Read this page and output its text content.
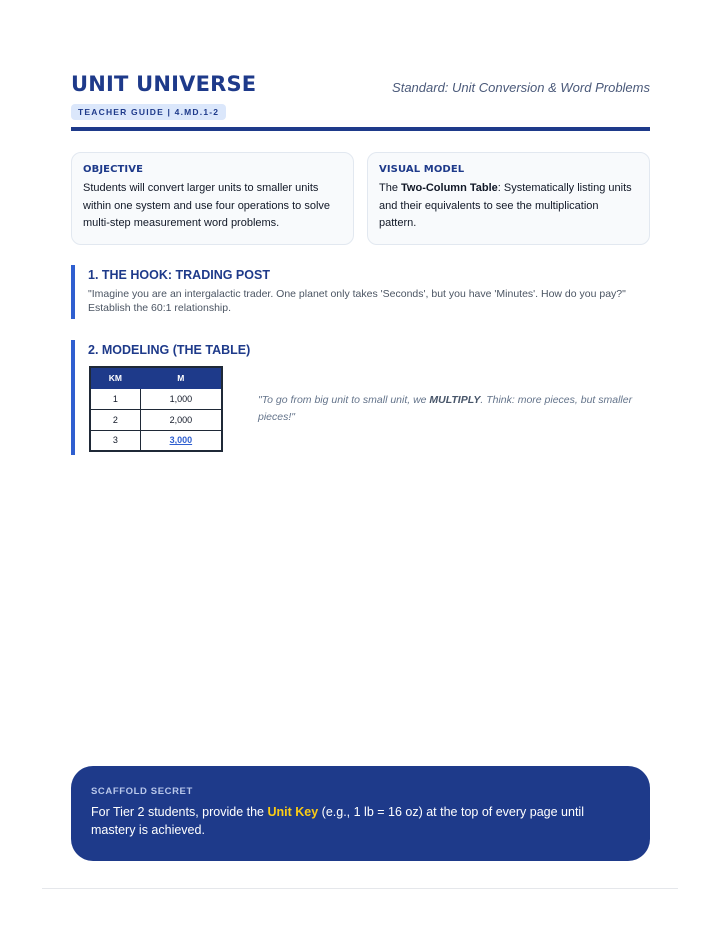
UNIT UNIVERSE	Standard: Unit Conversion & Word Problems
TEACHER GUIDE | 4.MD.1-2
OBJECTIVE
Students will convert larger units to smaller units within one system and use four operations to solve multi-step measurement word problems.
VISUAL MODEL
The Two-Column Table: Systematically listing units and their equivalents to see the multiplication pattern.
1. THE HOOK: TRADING POST
"Imagine you are an intergalactic trader. One planet only takes 'Seconds', but you have 'Minutes'. How do you pay?" Establish the 60:1 relationship.
2. MODELING (THE TABLE)
KM	M
1	1,000
2	2,000
3	3,000
"To go from big unit to small unit, we MULTIPLY. Think: more pieces, but smaller pieces!"
SCAFFOLD SECRET
For Tier 2 students, provide the Unit Key (e.g., 1 lb = 16 oz) at the top of every page until mastery is achieved.
